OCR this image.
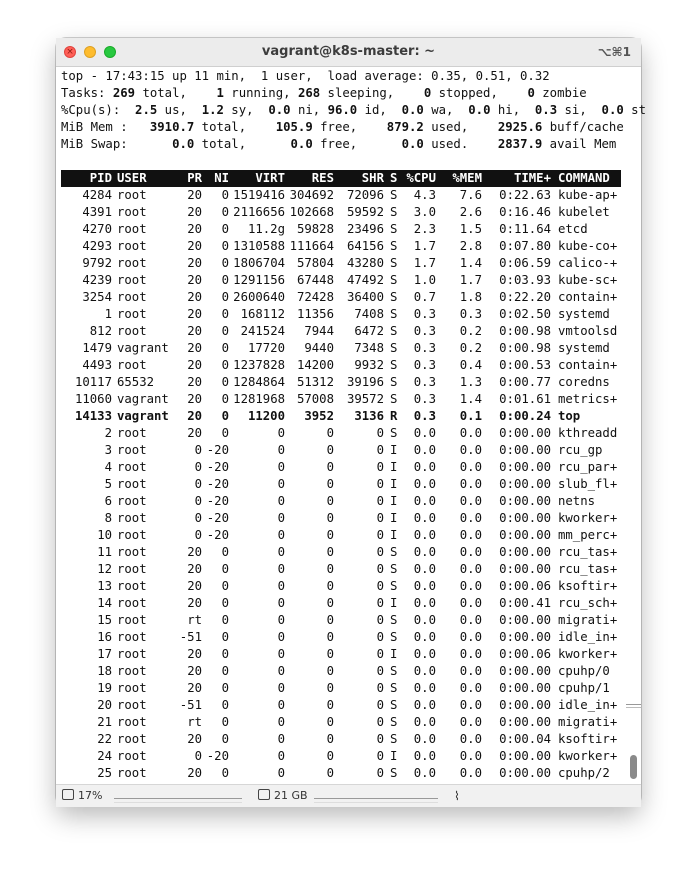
×	vagrant@k8s-master: ~	⌥⌘1
top - 17:43:15 up 11 min,  1 user,  load average: 0.35, 0.51, 0.32
Tasks: 269 total,    1 running, 268 sleeping,    0 stopped,    0 zombie
%Cpu(s): 2.5 us,  1.2 sy,  0.0 ni, 96.0 id,  0.0 wa,  0.0 hi,  0.3 si,  0.0 st
MiB Mem : 3910.7 total,    105.9 free,    879.2 used,    2925.6 buff/cache
MiB Swap:	0.0 total,      0.0 free,      0.0 used.    2837.9 avail Mem
PID USER	PR NI VIRT RES SHR S %CPU %MEM	TIME+ COMMAND
4284 root	20 0 1519416 304692 72096 S 4.3 7.6 0:22.63 kube-ap+
4391 root	20 0 2116656 102668 59592 S 3.0 2.6 0:16.46 kubelet
4270 root	20 0 11.2g 59828 23496 S 2.3 1.5 0:11.64 etcd
4293 root	20 0 1310588 111664 64156 S 1.7 2.8 0:07.80 kube-co+
9792 root	20 0 1806704 57804 43280 S 1.7 1.4 0:06.59 calico-+
4239 root	20 0 1291156 67448 47492 S 1.0 1.7 0:03.93 kube-sc+
3254 root	20 0 2600640 72428 36400 S 0.7 1.8 0:22.20 contain+
1 root	20 0 168112 11356 7408 S 0.3 0.3 0:02.50 systemd
812 root	20 0 241524 7944 6472 S 0.3 0.2 0:00.98 vmtoolsd
1479 vagrant 20 0 17720 9440 7348 S 0.3 0.2 0:00.98 systemd
4493 root	20 0 1237828 14200 9932 S 0.3 0.4 0:00.53 contain+
10117 65532	20 0 1284864 51312 39196 S 0.3 1.3 0:00.77 coredns
11060 vagrant 20 0 1281968 57008 39572 S 0.3 1.4 0:01.61 metrics+
14133 vagrant 20 0 11200 3952 3136 R 0.3 0.1 0:00.24 top
2 root	20 0	0	0	0 S 0.0 0.0 0:00.00 kthreadd
3 root	0 -20	0	0	0 I 0.0 0.0 0:00.00 rcu_gp
4 root	0 -20	0	0	0 I 0.0 0.0 0:00.00 rcu_par+
5 root	0 -20	0	0	0 I 0.0 0.0 0:00.00 slub_fl+
6 root	0 -20	0	0	0 I 0.0 0.0 0:00.00 netns
8 root	0 -20	0	0	0 I 0.0 0.0 0:00.00 kworker+
10 root	0 -20	0	0	0 I 0.0 0.0 0:00.00 mm_perc+
11 root	20 0	0	0	0 S 0.0 0.0 0:00.00 rcu_tas+
12 root	20 0	0	0	0 S 0.0 0.0 0:00.00 rcu_tas+
13 root	20 0	0	0	0 S 0.0 0.0 0:00.06 ksoftir+
14 root	20 0	0	0	0 I 0.0 0.0 0:00.41 rcu_sch+
15 root	rt 0	0	0	0 S 0.0 0.0 0:00.00 migrati+
16 root	-51 0	0	0	0 S 0.0 0.0 0:00.00 idle_in+
17 root	20 0	0	0	0 I 0.0 0.0 0:00.06 kworker+
18 root	20 0	0	0	0 S 0.0 0.0 0:00.00 cpuhp/0
19 root	20 0	0	0	0 S 0.0 0.0 0:00.00 cpuhp/1
20 root	-51 0	0	0	0 S 0.0 0.0 0:00.00 idle_in+
21 root	rt 0	0	0	0 S 0.0 0.0 0:00.00 migrati+
22 root	20 0	0	0	0 S 0.0 0.0 0:00.04 ksoftir+
24 root	0 -20	0	0	0 I 0.0 0.0 0:00.00 kworker+
25 root	20 0	0	0	0 S 0.0 0.0 0:00.00 cpuhp/2
17%	21 GB	⌇
